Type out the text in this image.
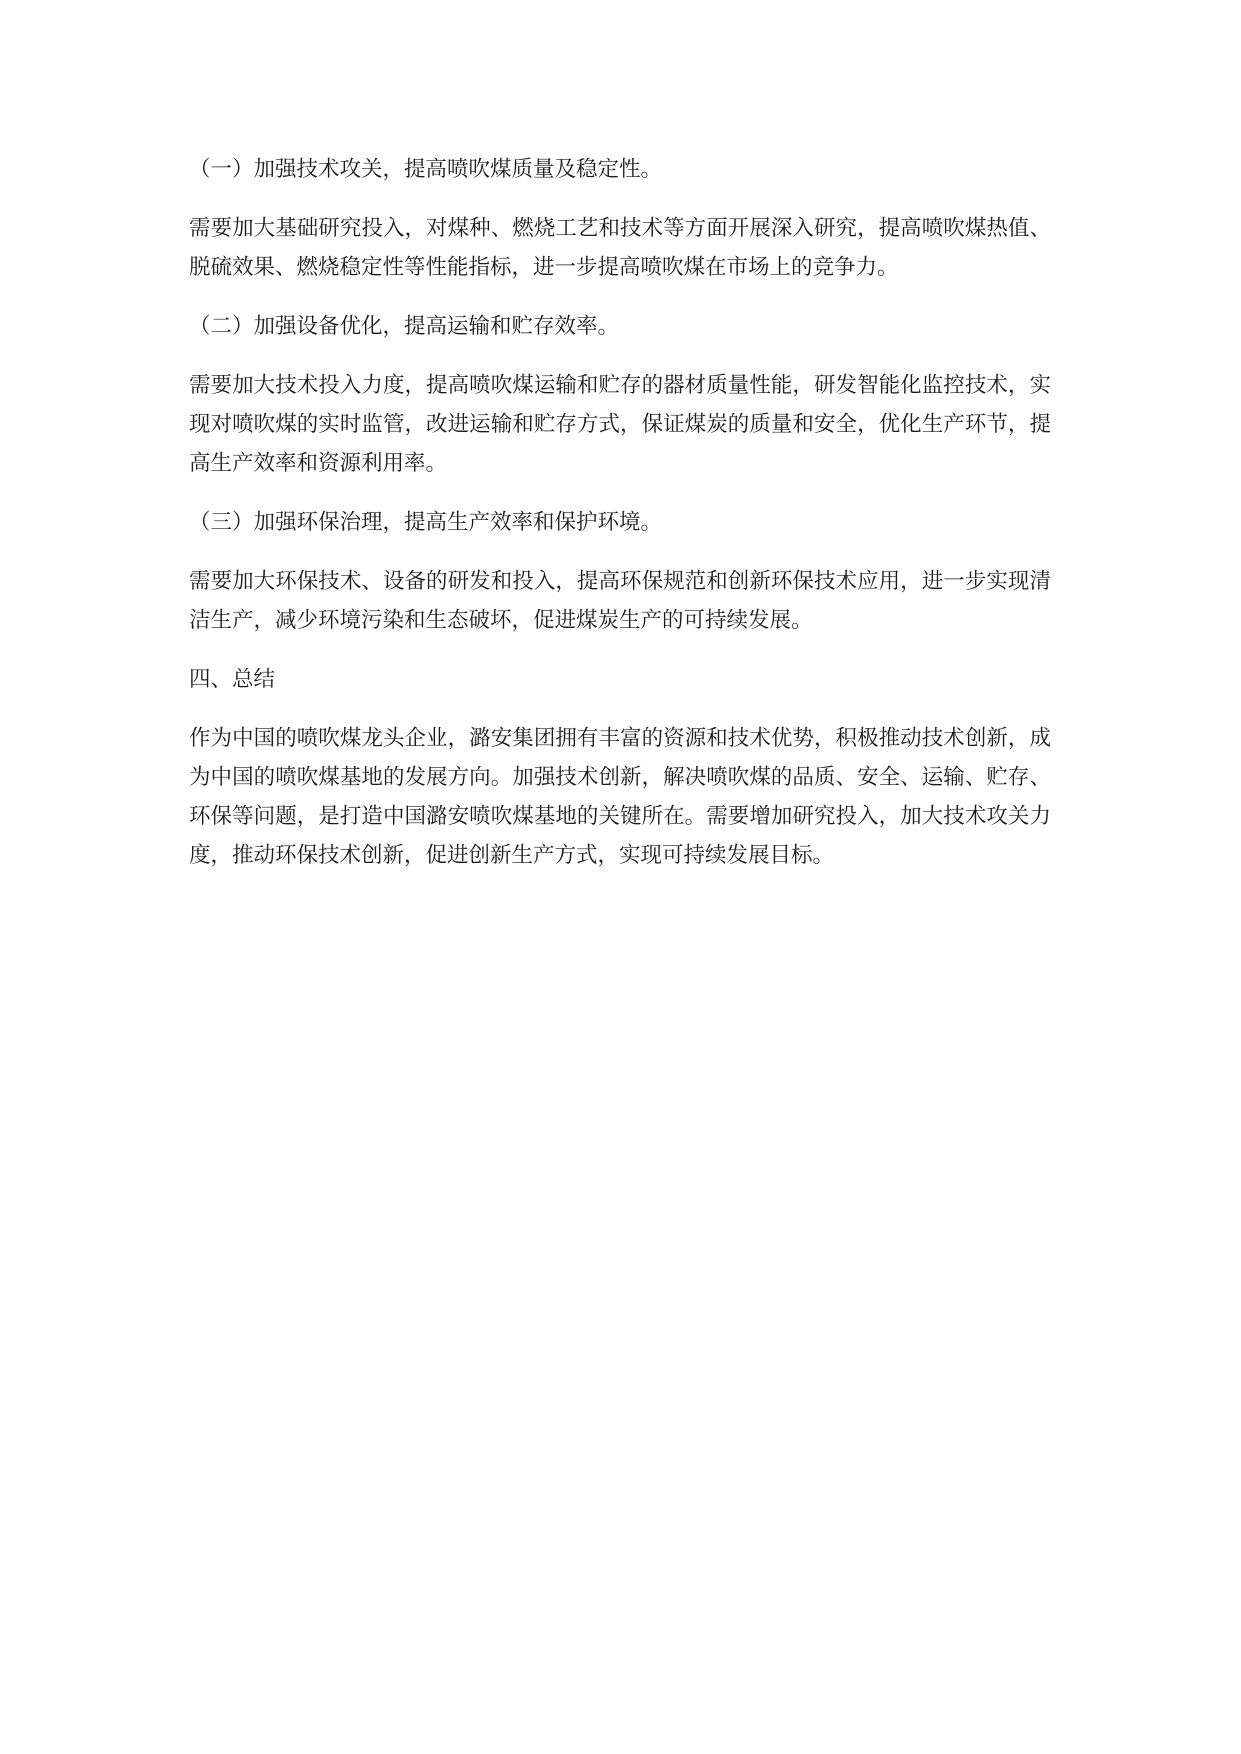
（一）加强技术攻关，提高喷吹煤质量及稳定性。

需要加大基础研究投入，对煤种、燃烧工艺和技术等方面开展深入研究，提高喷吹煤热值、脱硫效果、燃烧稳定性等性能指标，进一步提高喷吹煤在市场上的竞争力。

（二）加强设备优化，提高运输和贮存效率。

需要加大技术投入力度，提高喷吹煤运输和贮存的器材质量性能，研发智能化监控技术，实现对喷吹煤的实时监管，改进运输和贮存方式，保证煤炭的质量和安全，优化生产环节，提高生产效率和资源利用率。

（三）加强环保治理，提高生产效率和保护环境。

需要加大环保技术、设备的研发和投入，提高环保规范和创新环保技术应用，进一步实现清洁生产，减少环境污染和生态破坏，促进煤炭生产的可持续发展。

四、总结

作为中国的喷吹煤龙头企业，潞安集团拥有丰富的资源和技术优势，积极推动技术创新，成为中国的喷吹煤基地的发展方向。加强技术创新，解决喷吹煤的品质、安全、运输、贮存、环保等问题，是打造中国潞安喷吹煤基地的关键所在。需要增加研究投入，加大技术攻关力度，推动环保技术创新，促进创新生产方式，实现可持续发展目标。
